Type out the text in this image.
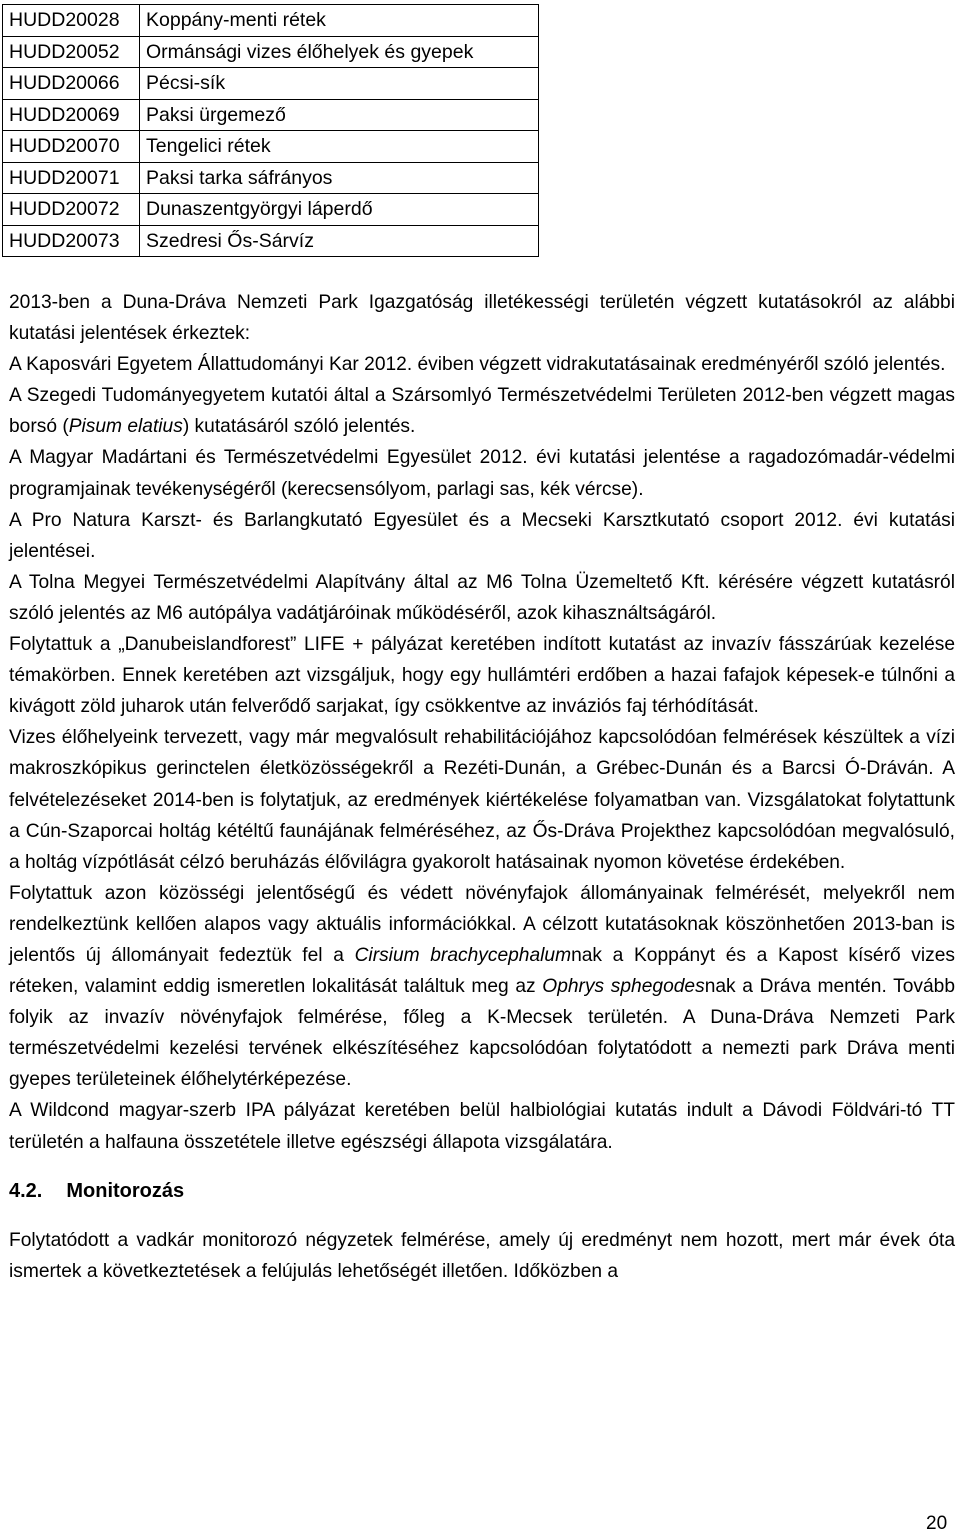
HUDD20028	Koppány-menti rétek
HUDD20052	Ormánsági vizes élőhelyek és gyepek
HUDD20066	Pécsi-sík
HUDD20069	Paksi ürgemező
HUDD20070	Tengelici rétek
HUDD20071	Paksi tarka sáfrányos
HUDD20072	Dunaszentgyörgyi láperdő
HUDD20073	Szedresi Ős-Sárvíz

2013-ben a Duna-Dráva Nemzeti Park Igazgatóság illetékességi területén végzett kutatásokról az alábbi kutatási jelentések érkeztek:

A Kaposvári Egyetem Állattudományi Kar 2012. éviben végzett vidrakutatásainak eredményéről szóló jelentés.

A Szegedi Tudományegyetem kutatói által a Szársomlyó Természetvédelmi Területen 2012-ben végzett magas borsó (Pisum elatius) kutatásáról szóló jelentés.

A Magyar Madártani és Természetvédelmi Egyesület 2012. évi kutatási jelentése a ragadozómadár-védelmi programjainak tevékenységéről (kerecsensólyom, parlagi sas, kék vércse).

A Pro Natura Karszt- és Barlangkutató Egyesület és a Mecseki Karsztkutató csoport 2012. évi kutatási jelentései.

A Tolna Megyei Természetvédelmi Alapítvány által az M6 Tolna Üzemeltető Kft. kérésére végzett kutatásról szóló jelentés az M6 autópálya vadátjáróinak működéséről, azok kihasználtságáról.

Folytattuk a „Danubeislandforest” LIFE + pályázat keretében indított kutatást az invazív fásszárúak kezelése témakörben. Ennek keretében azt vizsgáljuk, hogy egy hullámtéri erdőben a hazai fafajok képesek-e túlnőni a kivágott zöld juharok után felverődő sarjakat, így csökkentve az inváziós faj térhódítását.

Vizes élőhelyeink tervezett, vagy már megvalósult rehabilitációjához kapcsolódóan felmérések készültek a vízi makroszkópikus gerinctelen életközösségekről a Rezéti-Dunán, a Grébec-Dunán és a Barcsi Ó-Dráván. A felvételezéseket 2014-ben is folytatjuk, az eredmények kiértékelése folyamatban van. Vizsgálatokat folytattunk a Cún-Szaporcai holtág kétéltű faunájának felméréséhez, az Ős-Dráva Projekthez kapcsolódóan megvalósuló, a holtág vízpótlását célzó beruházás élővilágra gyakorolt hatásainak nyomon követése érdekében.

Folytattuk azon közösségi jelentőségű és védett növényfajok állományainak felmérését, melyekről nem rendelkeztünk kellően alapos vagy aktuális információkkal. A célzott kutatásoknak köszönhetően 2013-ban is jelentős új állományait fedeztük fel a Cirsium brachycephalumnak a Koppányt és a Kapost kísérő vizes réteken, valamint eddig ismeretlen lokalitását találtuk meg az Ophrys sphegodesnak a Dráva mentén. Tovább folyik az invazív növényfajok felmérése, főleg a K-Mecsek területén. A Duna-Dráva Nemzeti Park természetvédelmi kezelési tervének elkészítéséhez kapcsolódóan folytatódott a nemezti park Dráva menti gyepes területeinek élőhelytérképezése.

A Wildcond magyar-szerb IPA pályázat keretében belül halbiológiai kutatás indult a Dávodi Földvári-tó TT területén a halfauna összetétele illetve egészségi állapota vizsgálatára.

4.2. Monitorozás

Folytatódott a vadkár monitorozó négyzetek felmérése, amely új eredményt nem hozott, mert már évek óta ismertek a következtetések a felújulás lehetőségét illetően. Időközben a

20
